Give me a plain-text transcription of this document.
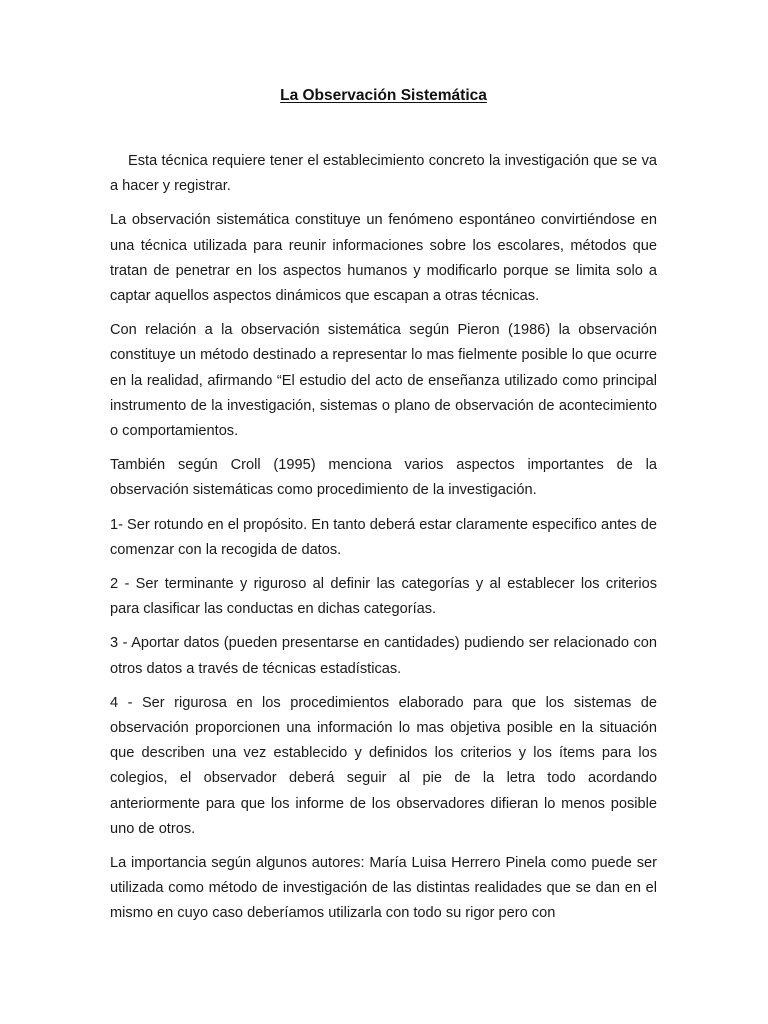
La Observación Sistemática

Esta técnica requiere tener el establecimiento concreto la investigación que se va a hacer y registrar.

La observación sistemática constituye un fenómeno espontáneo convirtiéndose en una técnica utilizada para reunir informaciones sobre los escolares, métodos que tratan de penetrar en los aspectos humanos y modificarlo porque se limita solo a captar aquellos aspectos dinámicos que escapan a otras técnicas.

Con relación a la observación sistemática según Pieron (1986) la observación constituye un método destinado a representar lo mas fielmente posible lo que ocurre en la realidad, afirmando “El estudio del acto de enseñanza utilizado como principal instrumento de la investigación, sistemas o plano de observación de acontecimiento o comportamientos.

También según Croll (1995) menciona varios aspectos importantes de la observación sistemáticas como procedimiento de la investigación.

1- Ser rotundo en el propósito. En tanto deberá estar claramente especifico antes de comenzar con la recogida de datos.

2 - Ser terminante y riguroso al definir las categorías y al establecer los criterios para clasificar las conductas en dichas categorías.

3 - Aportar datos (pueden presentarse en cantidades) pudiendo ser relacionado con otros datos a través de técnicas estadísticas.

4 - Ser rigurosa en los procedimientos elaborado para que los sistemas de observación proporcionen una información lo mas objetiva posible en la situación que describen una vez establecido y definidos los criterios y los ítems para los colegios, el observador deberá seguir al pie de la letra todo acordando anteriormente para que los informe de los observadores difieran lo menos posible uno de otros.

La importancia según algunos autores: María Luisa Herrero Pinela como puede ser utilizada como método de investigación de las distintas realidades que se dan en el mismo en cuyo caso deberíamos utilizarla con todo su rigor pero con
